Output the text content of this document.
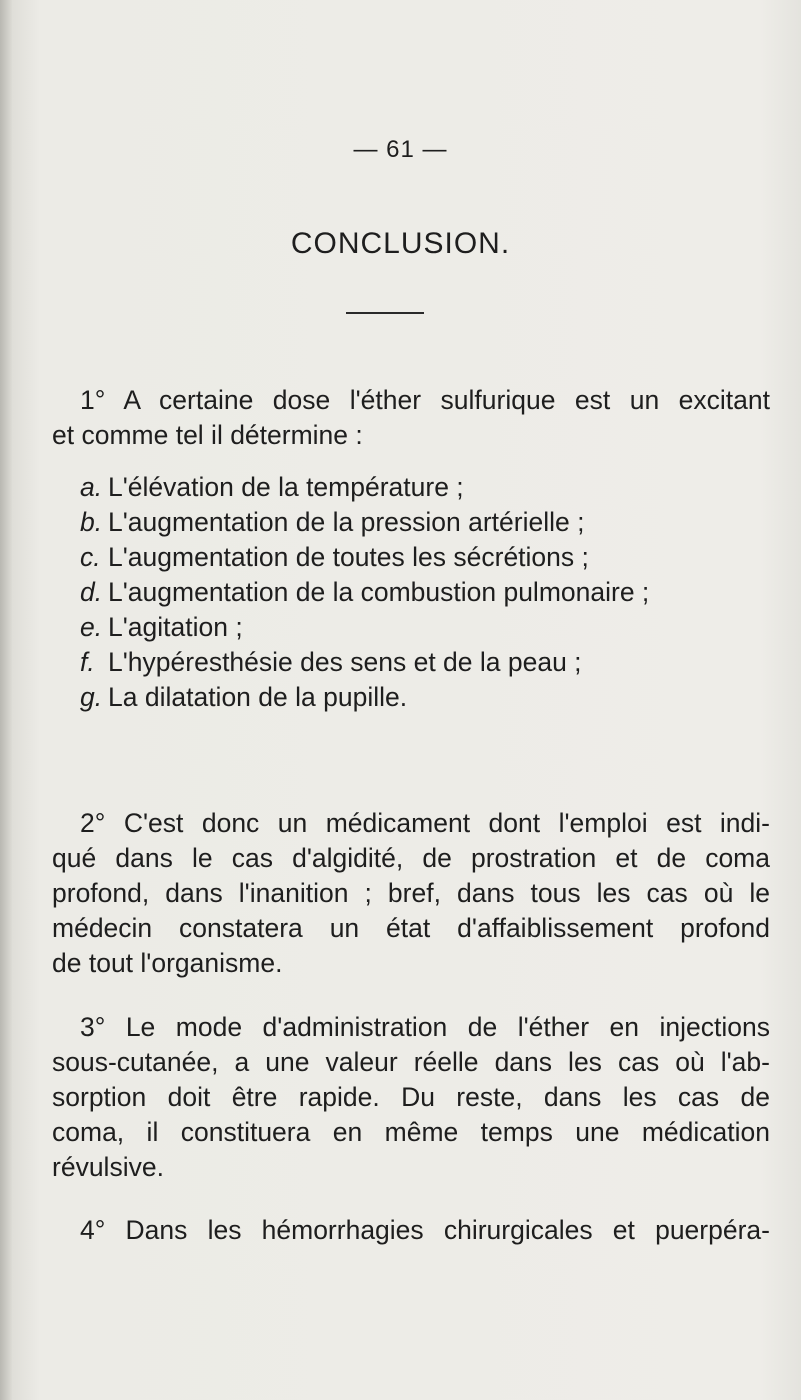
— 61 —
CONCLUSION.
1° A certaine dose l'éther sulfurique est un excitant
et comme tel il détermine :
a. L'élévation de la température ;
b. L'augmentation de la pression artérielle ;
c. L'augmentation de toutes les sécrétions ;
d. L'augmentation de la combustion pulmonaire ;
e. L'agitation ;
f. L'hypéresthésie des sens et de la peau ;
g. La dilatation de la pupille.
2° C'est donc un médicament dont l'emploi est indi-
qué dans le cas d'algidité, de prostration et de coma
profond, dans l'inanition ; bref, dans tous les cas où le
médecin constatera un état d'affaiblissement profond
de tout l'organisme.
3° Le mode d'administration de l'éther en injections
sous-cutanée, a une valeur réelle dans les cas où l'ab-
sorption doit être rapide. Du reste, dans les cas de
coma, il constituera en même temps une médication
révulsive.
4° Dans les hémorrhagies chirurgicales et puerpéra-
